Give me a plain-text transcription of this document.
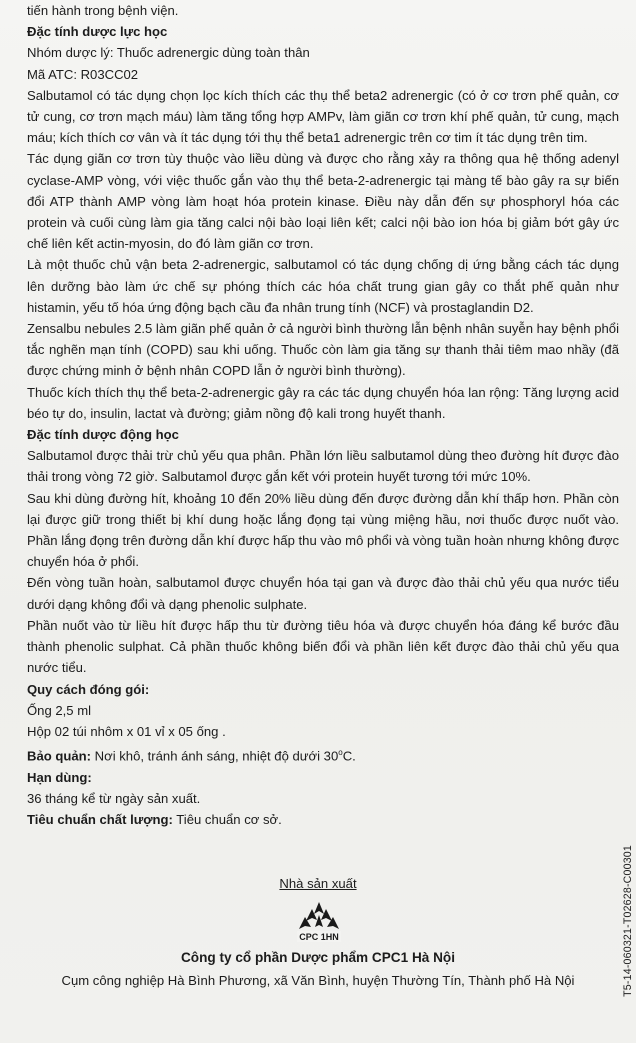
tiến hành trong bệnh viện.

Đặc tính dược lực học

Nhóm dược lý: Thuốc adrenergic dùng toàn thân

Mã ATC: R03CC02

Salbutamol có tác dụng chọn lọc kích thích các thụ thể beta2 adrenergic (có ở cơ trơn phế quản, cơ tử cung, cơ trơn mạch máu) làm tăng tổng hợp AMPv, làm giãn cơ trơn khí phế quản, tử cung, mạch máu; kích thích cơ vân và ít tác dụng tới thụ thể beta1 adrenergic trên cơ tim ít tác dụng trên tim.

Tác dụng giãn cơ trơn tùy thuộc vào liều dùng và được cho rằng xảy ra thông qua hệ thống adenyl cyclase-AMP vòng, với việc thuốc gắn vào thụ thể beta-2-adrenergic tại màng tế bào gây ra sự biến đổi ATP thành AMP vòng làm hoạt hóa protein kinase. Điều này dẫn đến sự phosphoryl hóa các protein và cuối cùng làm gia tăng calci nội bào loại liên kết; calci nội bào ion hóa bị giảm bớt gây ức chế liên kết actin-myosin, do đó làm giãn cơ trơn.

Là một thuốc chủ vận beta 2-adrenergic, salbutamol có tác dụng chống dị ứng bằng cách tác dụng lên dưỡng bào làm ức chế sự phóng thích các hóa chất trung gian gây co thắt phế quản như histamin, yếu tố hóa ứng động bạch cầu đa nhân trung tính (NCF) và prostaglandin D2.

Zensalbu nebules 2.5 làm giãn phế quản ở cả người bình thường lẫn bệnh nhân suyễn hay bệnh phổi tắc nghẽn mạn tính (COPD) sau khi uống. Thuốc còn làm gia tăng sự thanh thải tiêm mao nhầy (đã được chứng minh ở bệnh nhân COPD lẫn ở người bình thường).

Thuốc kích thích thụ thể beta-2-adrenergic gây ra các tác dụng chuyển hóa lan rộng: Tăng lượng acid béo tự do, insulin, lactat và đường; giảm nồng độ kali trong huyết thanh.

Đặc tính dược động học

Salbutamol được thải trừ chủ yếu qua phân. Phần lớn liều salbutamol dùng theo đường hít được đào thải trong vòng 72 giờ. Salbutamol được gắn kết với protein huyết tương tới mức 10%.

Sau khi dùng đường hít, khoảng 10 đến 20% liều dùng đến được đường dẫn khí thấp hơn. Phần còn lại được giữ trong thiết bị khí dung hoặc lắng đọng tại vùng miệng hầu, nơi thuốc được nuốt vào. Phần lắng đọng trên đường dẫn khí được hấp thu vào mô phổi và vòng tuần hoàn nhưng không được chuyển hóa ở phổi.

Đến vòng tuần hoàn, salbutamol được chuyển hóa tại gan và được đào thải chủ yếu qua nước tiểu dưới dạng không đổi và dạng phenolic sulphate.

Phần nuốt vào từ liều hít được hấp thu từ đường tiêu hóa và được chuyển hóa đáng kể bước đầu thành phenolic sulphat. Cả phần thuốc không biến đổi và phần liên kết được đào thải chủ yếu qua nước tiểu.

Quy cách đóng gói:

Ống 2,5 ml

Hộp 02 túi nhôm x 01 vỉ x 05 ống .

Bảo quản: Nơi khô, tránh ánh sáng, nhiệt độ dưới 30$^o$C.

Hạn dùng:

36 tháng kể từ ngày sản xuất.

Tiêu chuẩn chất lượng: Tiêu chuẩn cơ sở.

Nhà sản xuất
CPC 1HN
Công ty cổ phần Dược phẩm CPC1 Hà Nội
Cụm công nghiệp Hà Bình Phương, xã Văn Bình, huyện Thường Tín, Thành phố Hà Nội	T5-14-060321-T02628-C00301
